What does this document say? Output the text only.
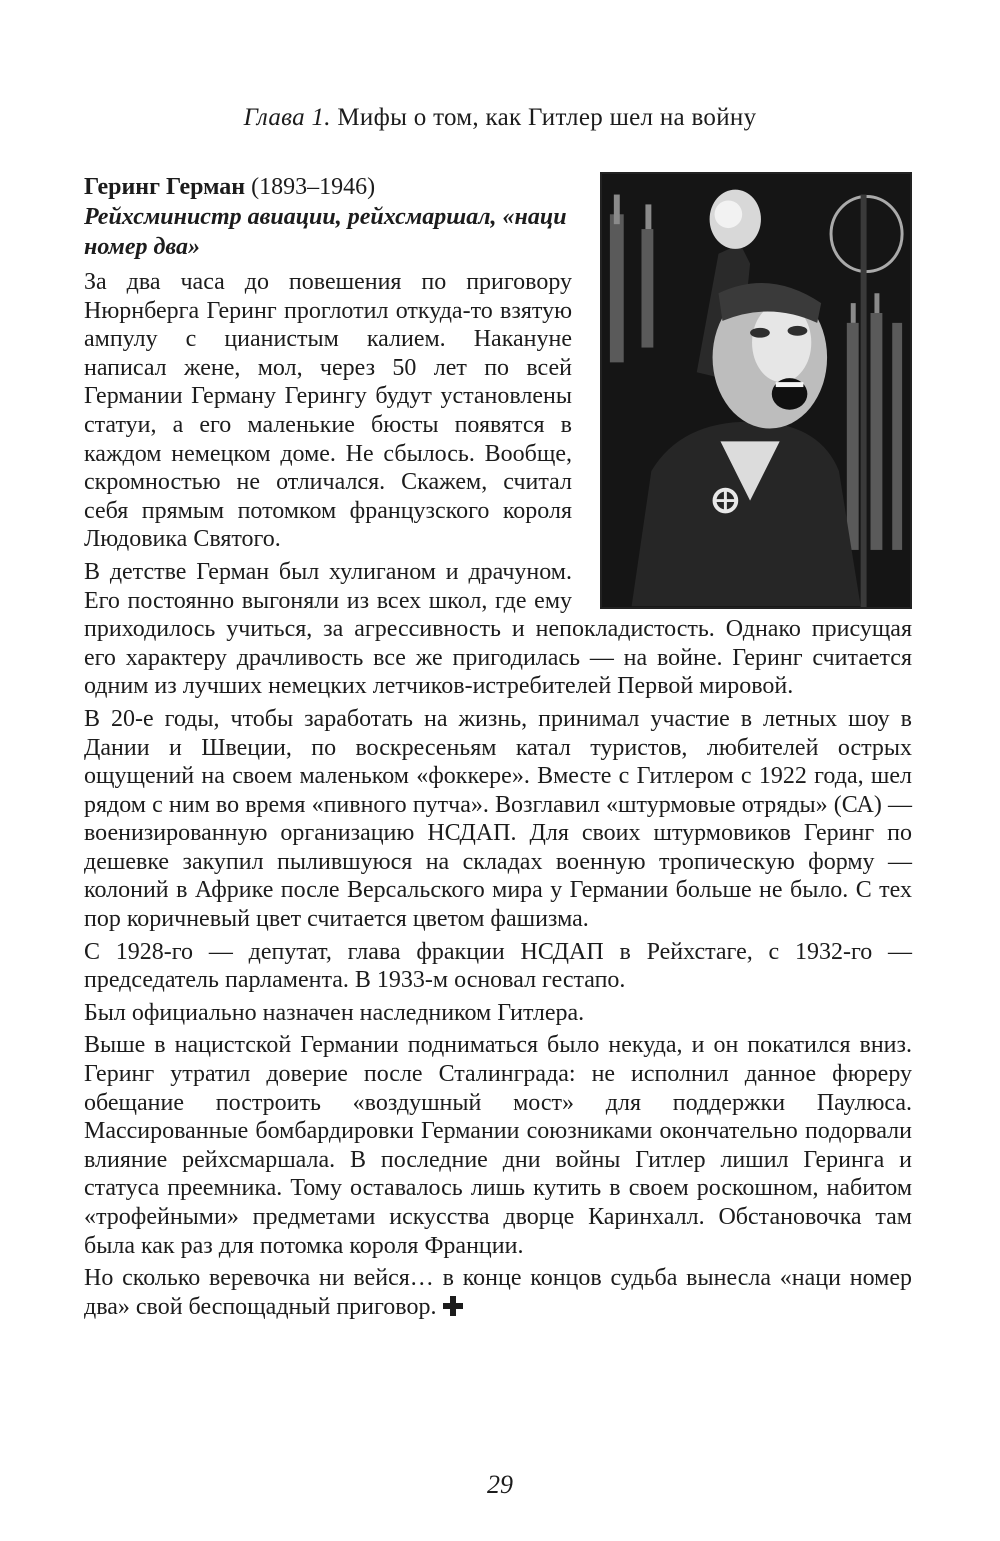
Глава 1. Мифы о том, как Гитлер шел на войну

Геринг Герман (1893–1946)

Рейхсминистр авиации, рейхсмаршал, «наци номер два»

За два часа до повешения по приговору Нюрнберга Геринг проглотил откуда-то взятую ампулу с цианистым калием. Накануне написал жене, мол, через 50 лет по всей Германии Герману Герингу будут установлены статуи, а его маленькие бюсты появятся в каждом немецком доме. Не сбылось. Вообще, скромностью не отличался. Скажем, считал себя прямым потомком французского короля Людовика Святого.

В детстве Герман был хулиганом и драчуном. Его постоянно выгоняли из всех школ, где ему приходилось учиться, за агрессивность и непокладистость. Однако присущая его характеру драчливость все же пригодилась — на войне. Геринг считается одним из лучших немецких летчиков-истребителей Первой мировой.

В 20-е годы, чтобы заработать на жизнь, принимал участие в летных шоу в Дании и Швеции, по воскресеньям катал туристов, любителей острых ощущений на своем маленьком «фоккере». Вместе с Гитлером с 1922 года, шел рядом с ним во время «пивного путча». Возглавил «штурмовые отряды» (СА) — военизированную организацию НСДАП. Для своих штурмовиков Геринг по дешевке закупил пылившуюся на складах военную тропическую форму — колоний в Африке после Версальского мира у Германии больше не было. С тех пор коричневый цвет считается цветом фашизма.

С 1928-го — депутат, глава фракции НСДАП в Рейхстаге, с 1932-го — председатель парламента. В 1933-м основал гестапо.

Был официально назначен наследником Гитлера.

Выше в нацистской Германии подниматься было некуда, и он покатился вниз. Геринг утратил доверие после Сталинграда: не исполнил данное фюреру обещание построить «воздушный мост» для поддержки Паулюса. Массированные бомбардировки Германии союзниками окончательно подорвали влияние рейхсмаршала. В последние дни войны Гитлер лишил Геринга и статуса преемника. Тому оставалось лишь кутить в своем роскошном, набитом «трофейными» предметами искусства дворце Каринхалл. Обстановочка там была как раз для потомка короля Франции.

Но сколько веревочка ни вейся… в конце концов судьба вынесла «наци номер два» свой беспощадный приговор.

29
